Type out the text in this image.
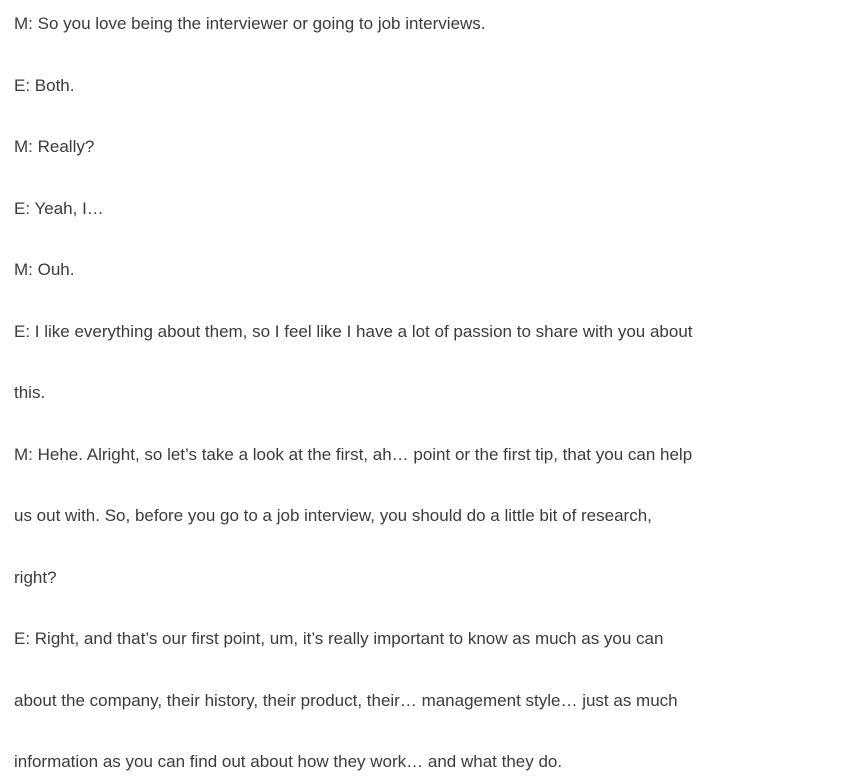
M: So you love being the interviewer or going to job interviews.
E: Both.
M: Really?
E: Yeah, I…
M: Ouh.
E: I like everything about them, so I feel like I have a lot of passion to share with you about
this.
M: Hehe. Alright, so let’s take a look at the first, ah… point or the first tip, that you can help
us out with. So, before you go to a job interview, you should do a little bit of research,
right?
E: Right, and that’s our first point, um, it’s really important to know as much as you can
about the company, their history, their product, their… management style… just as much
information as you can find out about how they work… and what they do.
